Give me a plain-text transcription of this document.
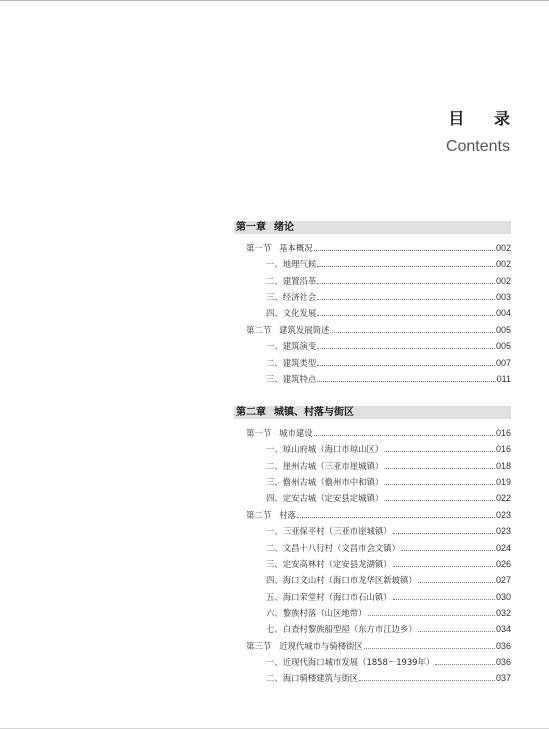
目 录
Contents
第一章 绪论
第一节 基本概况	002
一、地理气候	002
二、建置沿革	002
三、经济社会	003
四、文化发展	004
第二节 建筑发展简述	005
一、建筑演变	005
二、建筑类型	007
三、建筑特点	011
第二章 城镇、村落与街区
第一节 城市建设	016
一、琼山府城（海口市琼山区）	016
二、崖州古城（三亚市崖城镇）	018
三、儋州古城（儋州市中和镇）	019
四、定安古城（定安县定城镇）	022
第二节 村落	023
一、三亚保平村（三亚市崖城镇）	023
二、文昌十八行村（文昌市会文镇）	024
三、定安高林村（定安县龙湖镇）	026
四、海口文山村（海口市龙华区新坡镇）	027
五、海口荣堂村（海口市石山镇）	030
六、黎族村落（山区地带）	032
七、白查村黎族船型屋（东方市江边乡）	034
第三节 近现代城市与骑楼街区	036
一、近现代海口城市发展（1858－1939年）	036
二、海口骑楼建筑与街区	037
